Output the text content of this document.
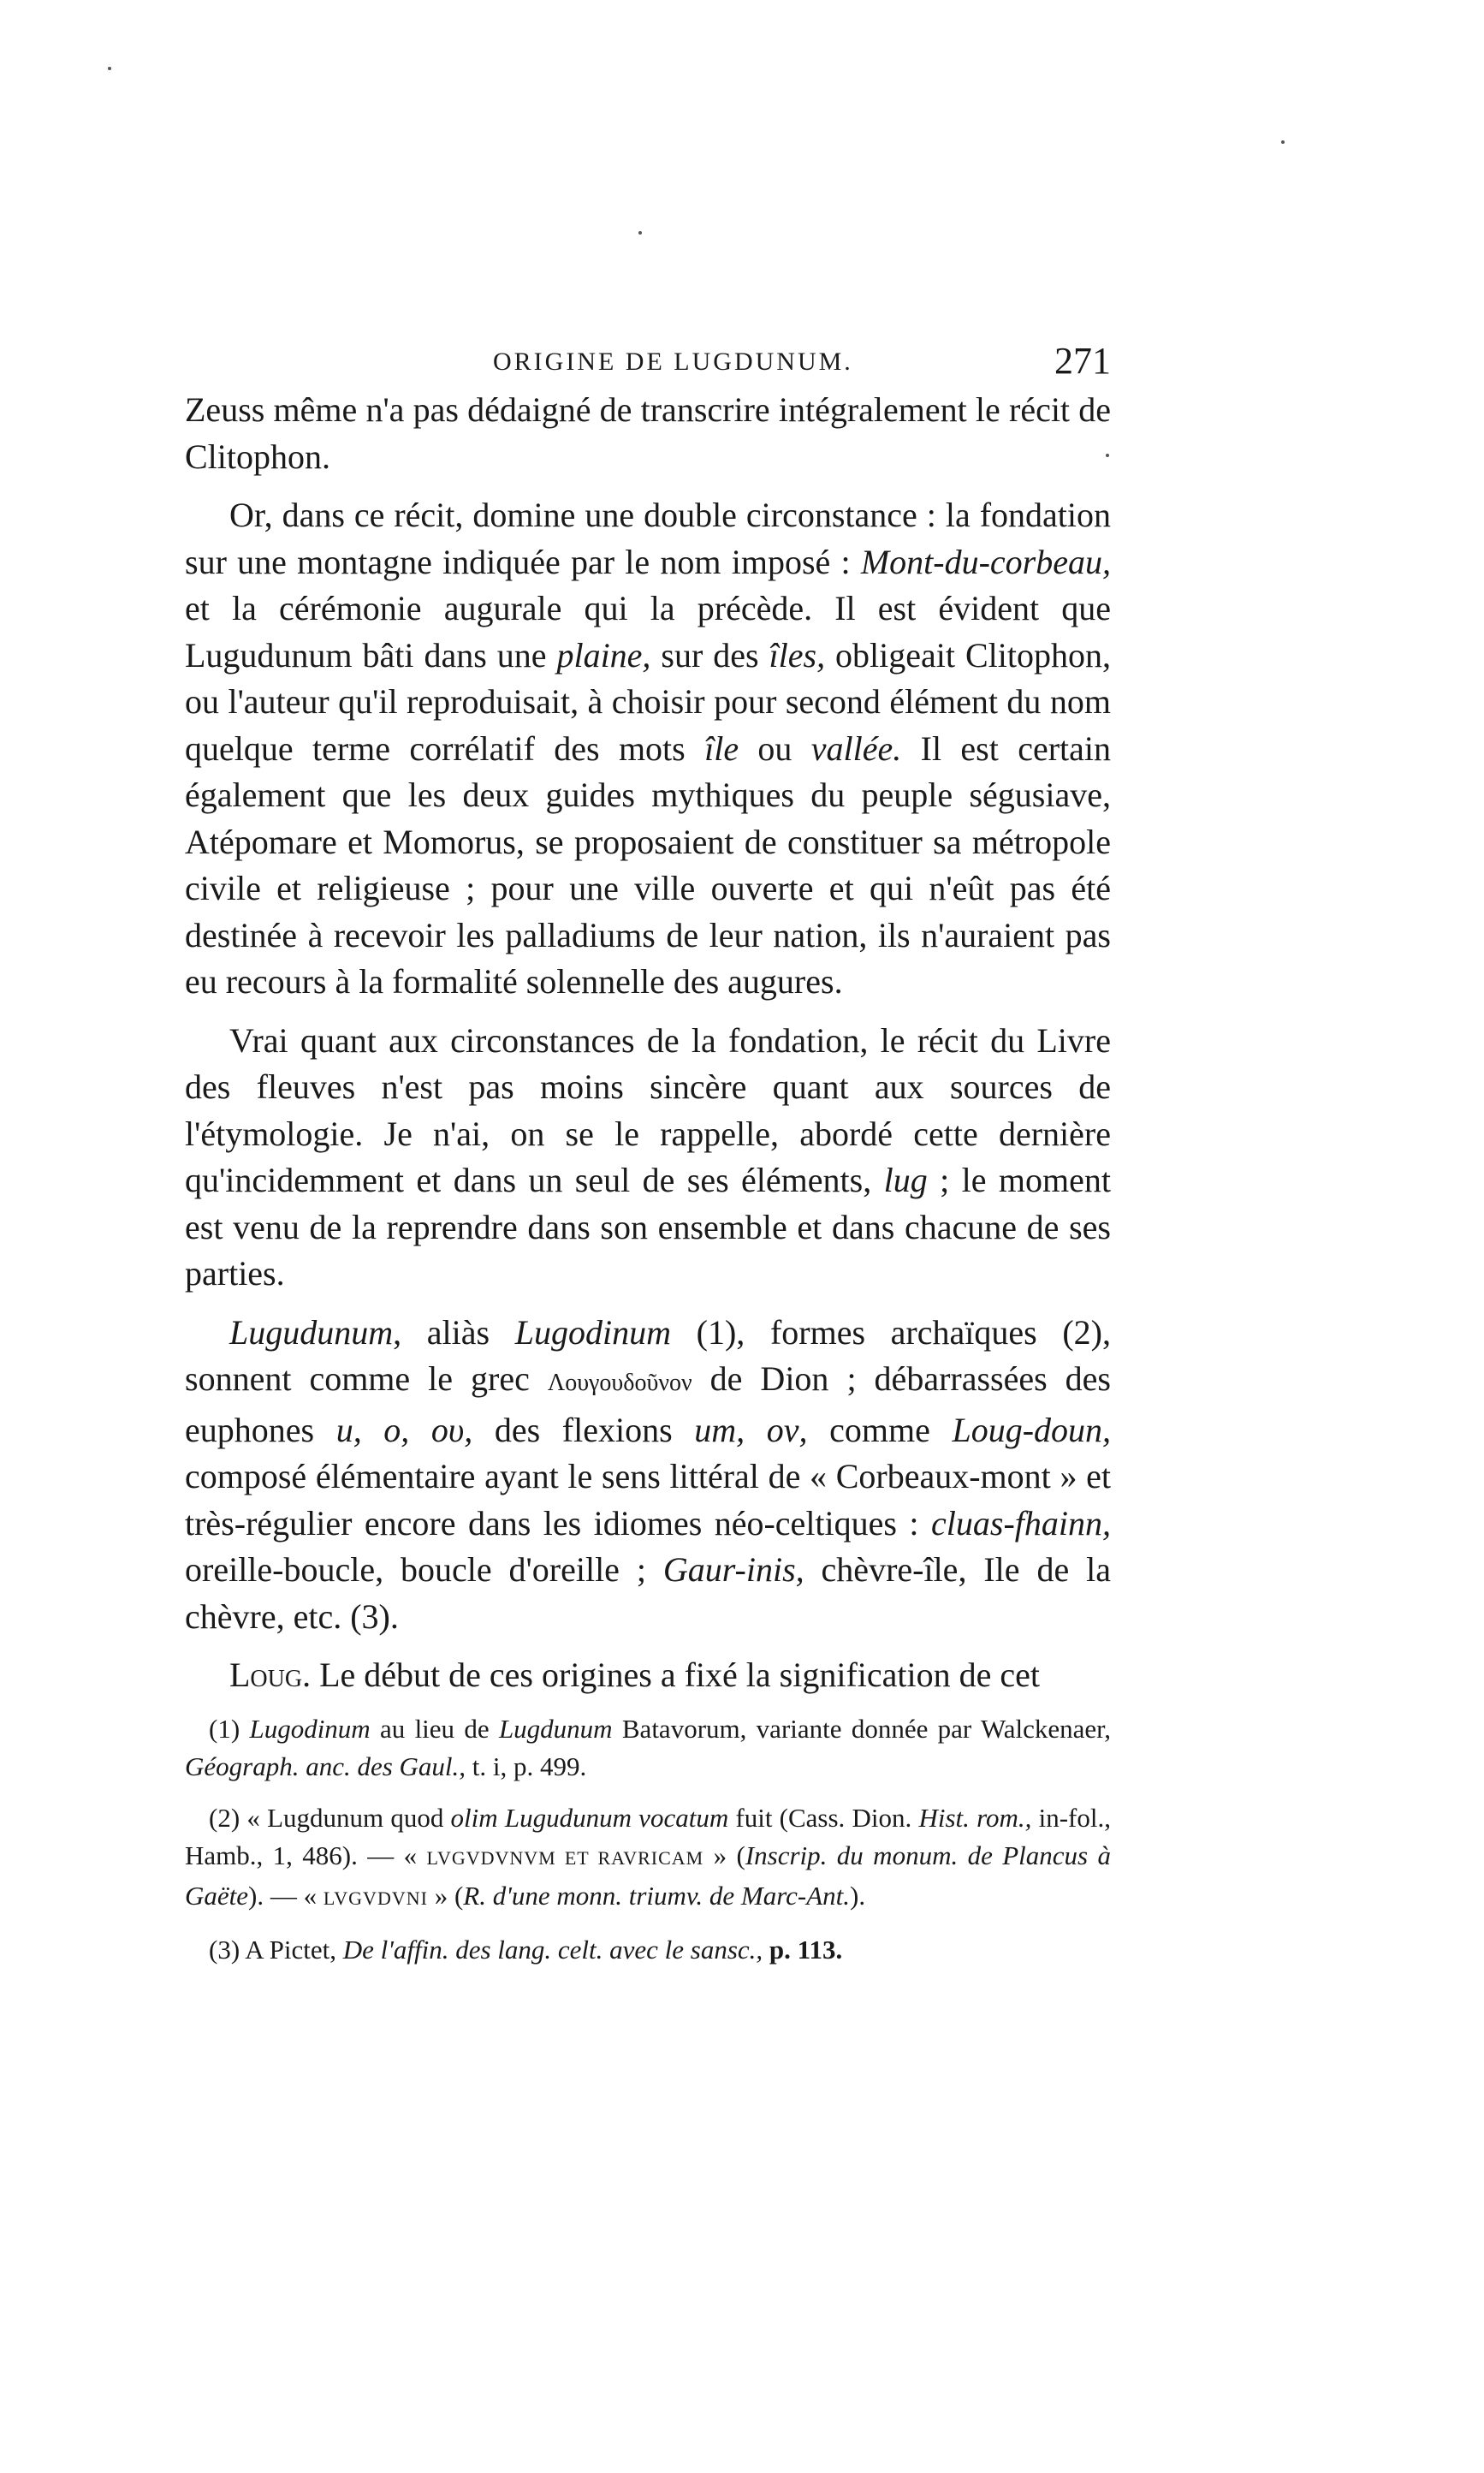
ORIGINE DE LUGDUNUM.	271

Zeuss même n'a pas dédaigné de transcrire intégralement le récit de Clitophon.

Or, dans ce récit, domine une double circonstance : la fondation sur une montagne indiquée par le nom imposé : Mont-du-corbeau, et la cérémonie augurale qui la précède. Il est évident que Lugudunum bâti dans une plaine, sur des îles, obligeait Clitophon, ou l'auteur qu'il reproduisait, à choisir pour second élément du nom quelque terme corrélatif des mots île ou vallée. Il est certain également que les deux guides mythiques du peuple ségusiave, Atépomare et Momorus, se proposaient de constituer sa métropole civile et religieuse ; pour une ville ouverte et qui n'eût pas été destinée à recevoir les palladiums de leur nation, ils n'auraient pas eu recours à la formalité solennelle des augures.

Vrai quant aux circonstances de la fondation, le récit du Livre des fleuves n'est pas moins sincère quant aux sources de l'étymologie. Je n'ai, on se le rappelle, abordé cette dernière qu'incidemment et dans un seul de ses éléments, lug ; le moment est venu de la reprendre dans son ensemble et dans chacune de ses parties.

Lugudunum, aliàs Lugodinum (1), formes archaïques (2), sonnent comme le grec Λουγουδοῦνον de Dion ; débarrassées des euphones u, o, ου, des flexions um, ον, comme Loug-doun, composé élémentaire ayant le sens littéral de « Corbeaux-mont » et très-régulier encore dans les idiomes néo-celtiques : cluas-fhainn, oreille-boucle, boucle d'oreille ; Gaur-inis, chèvre-île, Ile de la chèvre, etc. (3).

Loug. Le début de ces origines a fixé la signification de cet

(1) Lugodinum au lieu de Lugdunum Batavorum, variante donnée par Walckenaer, Géograph. anc. des Gaul., t. i, p. 499.

(2) « Lugdunum quod olim Lugudunum vocatum fuit (Cass. Dion. Hist. rom., in-fol., Hamb., 1, 486). — « LVGVDVNVM ET RAVRICAM » (Inscrip. du monum. de Plancus à Gaëte). — « LVGVDVNI » (R. d'une monn. triumv. de Marc-Ant.).

(3) A Pictet, De l'affin. des lang. celt. avec le sansc., p. 113.
